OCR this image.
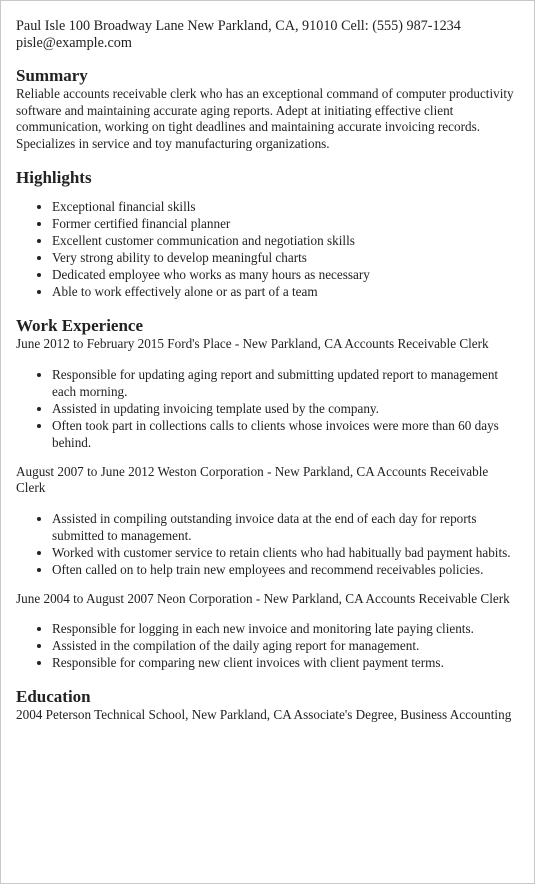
Paul Isle 100 Broadway Lane New Parkland, CA, 91010 Cell: (555) 987-1234

pisle@example.com

Summary

Reliable accounts receivable clerk who has an exceptional command of computer productivity software and maintaining accurate aging reports. Adept at initiating effective client communication, working on tight deadlines and maintaining accurate invoicing records. Specializes in service and toy manufacturing organizations.

Highlights
• Exceptional financial skills
• Former certified financial planner
• Excellent customer communication and negotiation skills
• Very strong ability to develop meaningful charts
• Dedicated employee who works as many hours as necessary
• Able to work effectively alone or as part of a team
Work Experience

June 2012 to February 2015 Ford's Place - New Parkland, CA Accounts Receivable Clerk

• Responsible for updating aging report and submitting updated report to management each morning.
• Assisted in updating invoicing template used by the company.
• Often took part in collections calls to clients whose invoices were more than 60 days behind.

August 2007 to June 2012 Weston Corporation - New Parkland, CA Accounts Receivable Clerk

• Assisted in compiling outstanding invoice data at the end of each day for reports submitted to management.
• Worked with customer service to retain clients who had habitually bad payment habits.
• Often called on to help train new employees and recommend receivables policies.

June 2004 to August 2007 Neon Corporation - New Parkland, CA Accounts Receivable Clerk

• Responsible for logging in each new invoice and monitoring late paying clients.
• Assisted in the compilation of the daily aging report for management.
• Responsible for comparing new client invoices with client payment terms.
Education

2004 Peterson Technical School, New Parkland, CA Associate's Degree, Business Accounting
